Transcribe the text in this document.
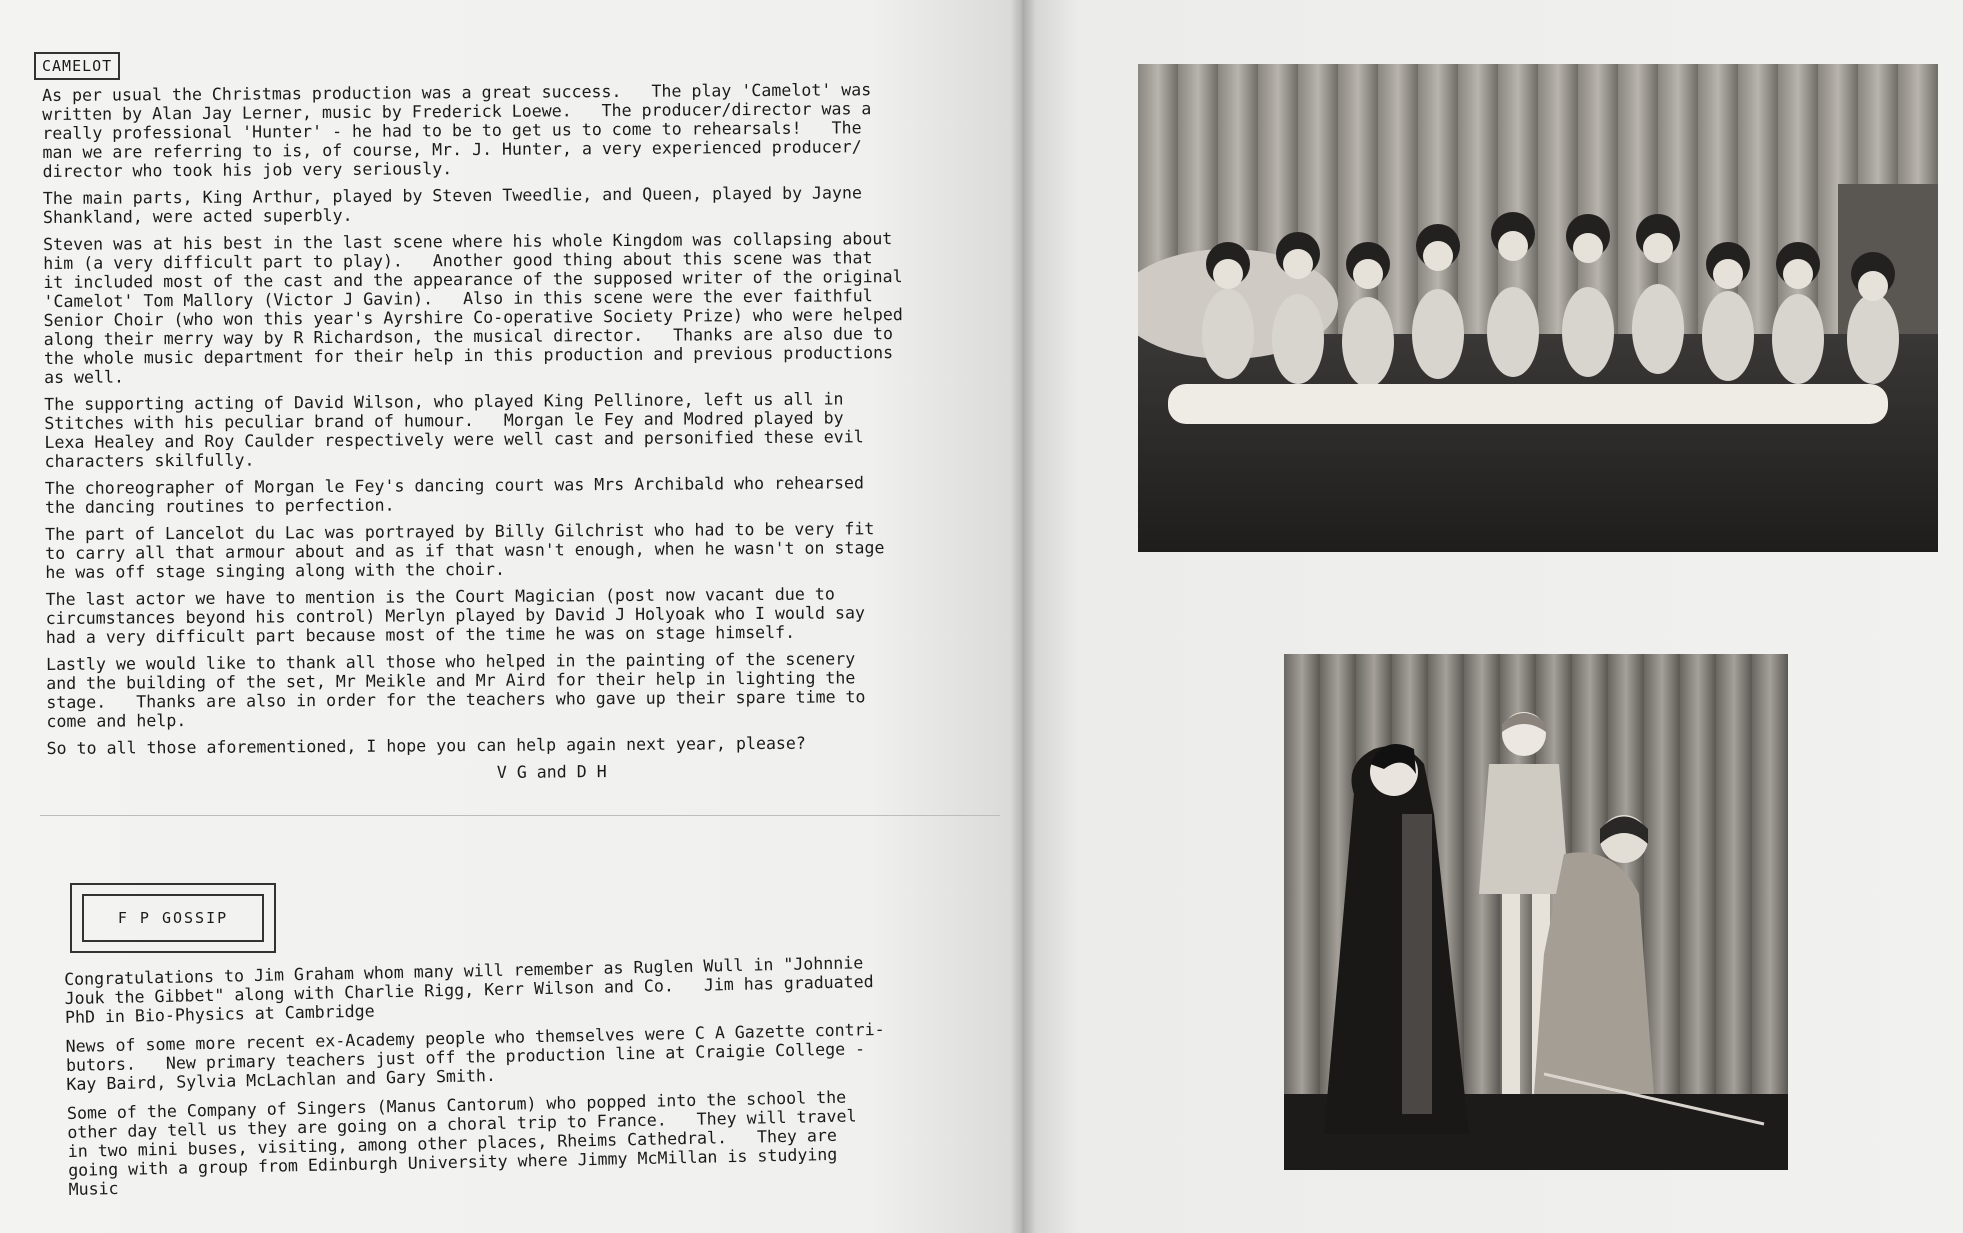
CAMELOT

As per usual the Christmas production was a great success.   The play 'Camelot' was
written by Alan Jay Lerner, music by Frederick Loewe.   The producer/director was a
really professional 'Hunter' - he had to be to get us to come to rehearsals!   The
man we are referring to is, of course, Mr. J. Hunter, a very experienced producer/
director who took his job very seriously.

The main parts, King Arthur, played by Steven Tweedlie, and Queen, played by Jayne
Shankland, were acted superbly.

Steven was at his best in the last scene where his whole Kingdom was collapsing about
him (a very difficult part to play).   Another good thing about this scene was that
it included most of the cast and the appearance of the supposed writer of the original
'Camelot' Tom Mallory (Victor J Gavin).   Also in this scene were the ever faithful
Senior Choir (who won this year's Ayrshire Co-operative Society Prize) who were helped
along their merry way by R Richardson, the musical director.   Thanks are also due to
the whole music department for their help in this production and previous productions
as well.

The supporting acting of David Wilson, who played King Pellinore, left us all in
Stitches with his peculiar brand of humour.   Morgan le Fey and Modred played by
Lexa Healey and Roy Caulder respectively were well cast and personified these evil
characters skilfully.

The choreographer of Morgan le Fey's dancing court was Mrs Archibald who rehearsed
the dancing routines to perfection.

The part of Lancelot du Lac was portrayed by Billy Gilchrist who had to be very fit
to carry all that armour about and as if that wasn't enough, when he wasn't on stage
he was off stage singing along with the choir.

The last actor we have to mention is the Court Magician (post now vacant due to
circumstances beyond his control) Merlyn played by David J Holyoak who I would say
had a very difficult part because most of the time he was on stage himself.

Lastly we would like to thank all those who helped in the painting of the scenery
and the building of the set, Mr Meikle and Mr Aird for their help in lighting the
stage.   Thanks are also in order for the teachers who gave up their spare time to
come and help.

So to all those aforementioned, I hope you can help again next year, please?

V G and D H
F P GOSSIP

Congratulations to Jim Graham whom many will remember as Ruglen Wull in "Johnnie
Jouk the Gibbet" along with Charlie Rigg, Kerr Wilson and Co.   Jim has graduated
PhD in Bio-Physics at Cambridge

News of some more recent ex-Academy people who themselves were C A Gazette contri-
butors.   New primary teachers just off the production line at Craigie College -
Kay Baird, Sylvia McLachlan and Gary Smith.

Some of the Company of Singers (Manus Cantorum) who popped into the school the
other day tell us they are going on a choral trip to France.   They will travel
in two mini buses, visiting, among other places, Rheims Cathedral.   They are
going with a group from Edinburgh University where Jimmy McMillan is studying
Music
